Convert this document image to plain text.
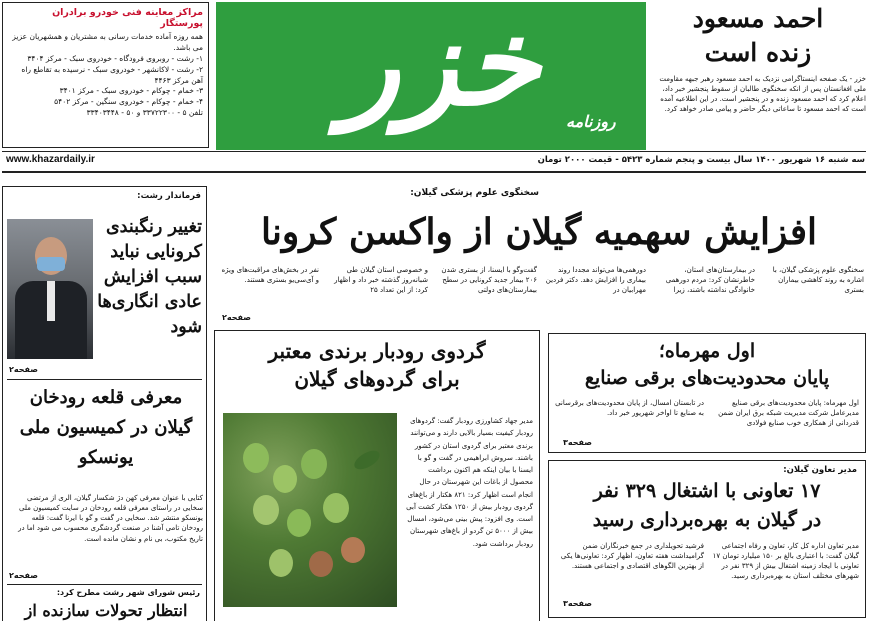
مراکز معاینه فنی خودرو برادران پورستگار
همه روزه آماده خدمات رسانی به مشتریان و همشهریان عزیز می باشد.
۱- رشت - روبروی فرودگاه - خودروی سبک - مرکز ۳۴۰۴
۲- رشت - لاکانشهر - خودروی سبک - نرسیده به تقاطع راه آهن مرکز ۴۴۶۳
۳- خمام - چوکام - خودروی سبک - مرکز ۳۴۰۱
۴- خمام - چوکام - خودروی سنگین - مرکز ۵۴۰۲
تلفن ۵ - ۳۳۷۲۲۳۰۰ و ۵۰ - ۳۳۴۰۳۴۴۸	خزر	روزنامه
احمد مسعود
زنده است
خزر - یک صفحه اینستاگرامی نزدیک به احمد مسعود رهبر جبهه مقاومت ملی افغانستان پس از انکه سخنگوی طالبان از سقوط پنجشیر خبر داد، اعلام کرد که احمد مسعود زنده و در پنجشیر است. در این اطلاعیه آمده است که احمد مسعود تا ساعاتی دیگر حاضر و پیامی صادر خواهد کرد.
www.khazardaily.ir	سه شنبه ۱۶ شهریور ۱۴۰۰ سال بیست و پنجم شماره ۵۴۲۳ - قیمت ۲۰۰۰ تومان
فرماندار رشت:
تغییر رنگبندی کرونایی نباید سبب افزایش عادی انگاری‌ها شود
صفحه۲
معرفی قلعه رودخان گیلان در کمیسیون ملی یونسکو
کتایی با عنوان معرفی کهن دژ شکسار گیلان، الری از مرتضی سخایی در راستای معرفی قلعه رودخان در سایت کمیسیون ملی یونسکو منتشر شد. سخایی در گفت و گو با ایرنا گفت: قلعه رودخان تامی آشنا در صنعت گردشگری محسوب می شود اما در تاریخ مکتوب، بی نام و نشان مانده است.
صفحه۲
رئیس شورای شهر رشت مطرح کرد:
انتظار تحولات سازنده از
سخنگوی علوم پزشکی گیلان:
افزایش سهمیه گیلان از واکسن کرونا
سخنگوی علوم پزشکی گیلان، با اشاره به روند کاهشی بیماران بستری
در بیمارستان‌های استان، خاطرنشان کرد: مردم دورهمی خانوادگی نداشته باشند، زیرا
دورهمی‌ها می‌تواند مجددا روند بیماری را افزایش دهد. دکتر فردین مهرابیان در
گفت‌وگو با ایسنا، از بستری شدن ۲۰۶ بیمار جدید کرونایی در سطح بیمارستان‌های دولتی
و خصوصی استان گیلان طی شبانه‌روز گذشته خبر داد و اظهار کرد: از این تعداد ۲۵
نفر در بخش‌های مراقبت‌های ویژه و آی‌سی‌یو بستری هستند.
صفحه۲
گردوی رودبار برندی معتبر
برای گردوهای گیلان
مدیر جهاد کشاورزی رودبار گفت: گردوهای رودبار کیفیت بسیار بالایی دارند و می‌توانند برندی معتبر برای گردوی استان در کشور باشند. سروش ابراهیمی در گفت و گو با ایسنا با بیان اینکه هم اکنون برداشت محصول از باغات این شهرستان در حال انجام است اظهار کرد: ۸۲۱ هکتار از باغ‌های گردوی رودبار بیش از ۱۲۵۰ هکتار کشت آبی است. وی افزود: پیش بینی می‌شود، امسال بیش از ۵۰۰۰ تن گردو از باغ‌های شهرستان رودبار برداشت شود.
اول مهرماه؛
پایان محدودیت‌های برقی صنایع
اول مهرماه: پایان محدودیت‌های برقی صنایع مدیرعامل شرکت مدیریت شبکه برق ایران ضمن قدردانی از همکاری خوب صنایع فولادی
در تابستان امسال، از پایان محدودیت‌های برقرسانی به صنایع تا اواخر شهریور خبر داد.
صفحه۳
مدیر تعاون گیلان:
۱۷ تعاونی با اشتغال ۳۲۹ نفر
در گیلان به بهره‌برداری رسید
مدیر تعاون اداره کل کار، تعاون و رفاه اجتماعی گیلان گفت: با اعتباری بالغ بر ۱۵۰ میلیارد تومان ۱۷ تعاونی با ایجاد زمینه اشتغال بیش از ۳۲۹ نفر در شهرهای مختلف استان به بهره‌برداری رسید.
فرشید تحویلداری در جمع خبرنگاران ضمن گرامیداشت هفته تعاون، اظهار کرد: تعاونی‌ها یکی از بهترین الگوهای اقتصادی و اجتماعی هستند.
صفحه۳
